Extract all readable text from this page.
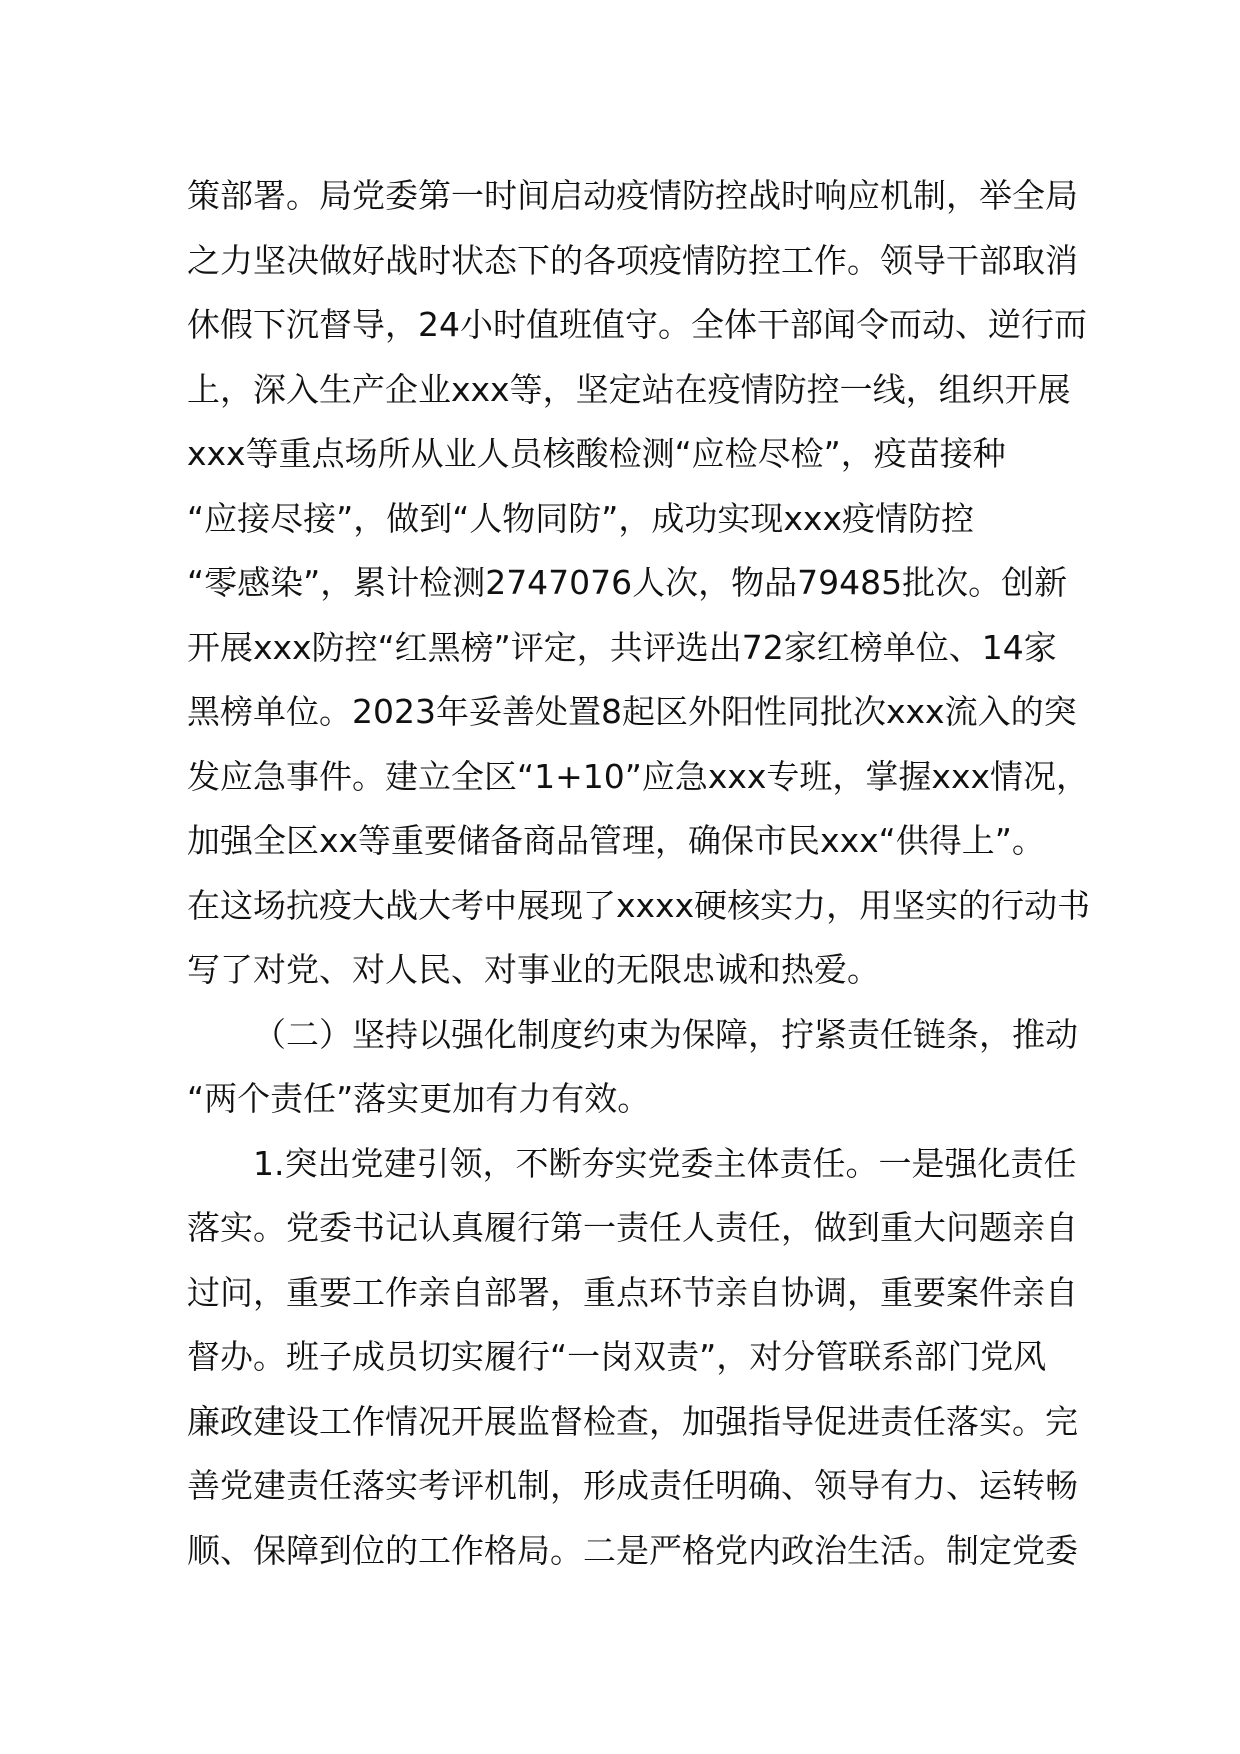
策部署。局党委第一时间启动疫情防控战时响应机制，举全局
之力坚决做好战时状态下的各项疫情防控工作。领导干部取消
休假下沉督导，24小时值班值守。全体干部闻令而动、逆行而
上，深入生产企业xxx等，坚定站在疫情防控一线，组织开展
xxx等重点场所从业人员核酸检测“应检尽检”，疫苗接种
“应接尽接”，做到“人物同防”，成功实现xxx疫情防控
“零感染”，累计检测2747076人次，物品79485批次。创新
开展xxx防控“红黑榜”评定，共评选出72家红榜单位、14家
黑榜单位。2023年妥善处置8起区外阳性同批次xxx流入的突
发应急事件。建立全区“1+10”应急xxx专班，掌握xxx情况，
加强全区xx等重要储备商品管理，确保市民xxx“供得上”。
在这场抗疫大战大考中展现了xxxx硬核实力，用坚实的行动书
写了对党、对人民、对事业的无限忠诚和热爱。
（二）坚持以强化制度约束为保障，拧紧责任链条，推动
“两个责任”落实更加有力有效。
1.突出党建引领，不断夯实党委主体责任。一是强化责任
落实。党委书记认真履行第一责任人责任，做到重大问题亲自
过问，重要工作亲自部署，重点环节亲自协调，重要案件亲自
督办。班子成员切实履行“一岗双责”，对分管联系部门党风
廉政建设工作情况开展监督检查，加强指导促进责任落实。完
善党建责任落实考评机制，形成责任明确、领导有力、运转畅
顺、保障到位的工作格局。二是严格党内政治生活。制定党委
